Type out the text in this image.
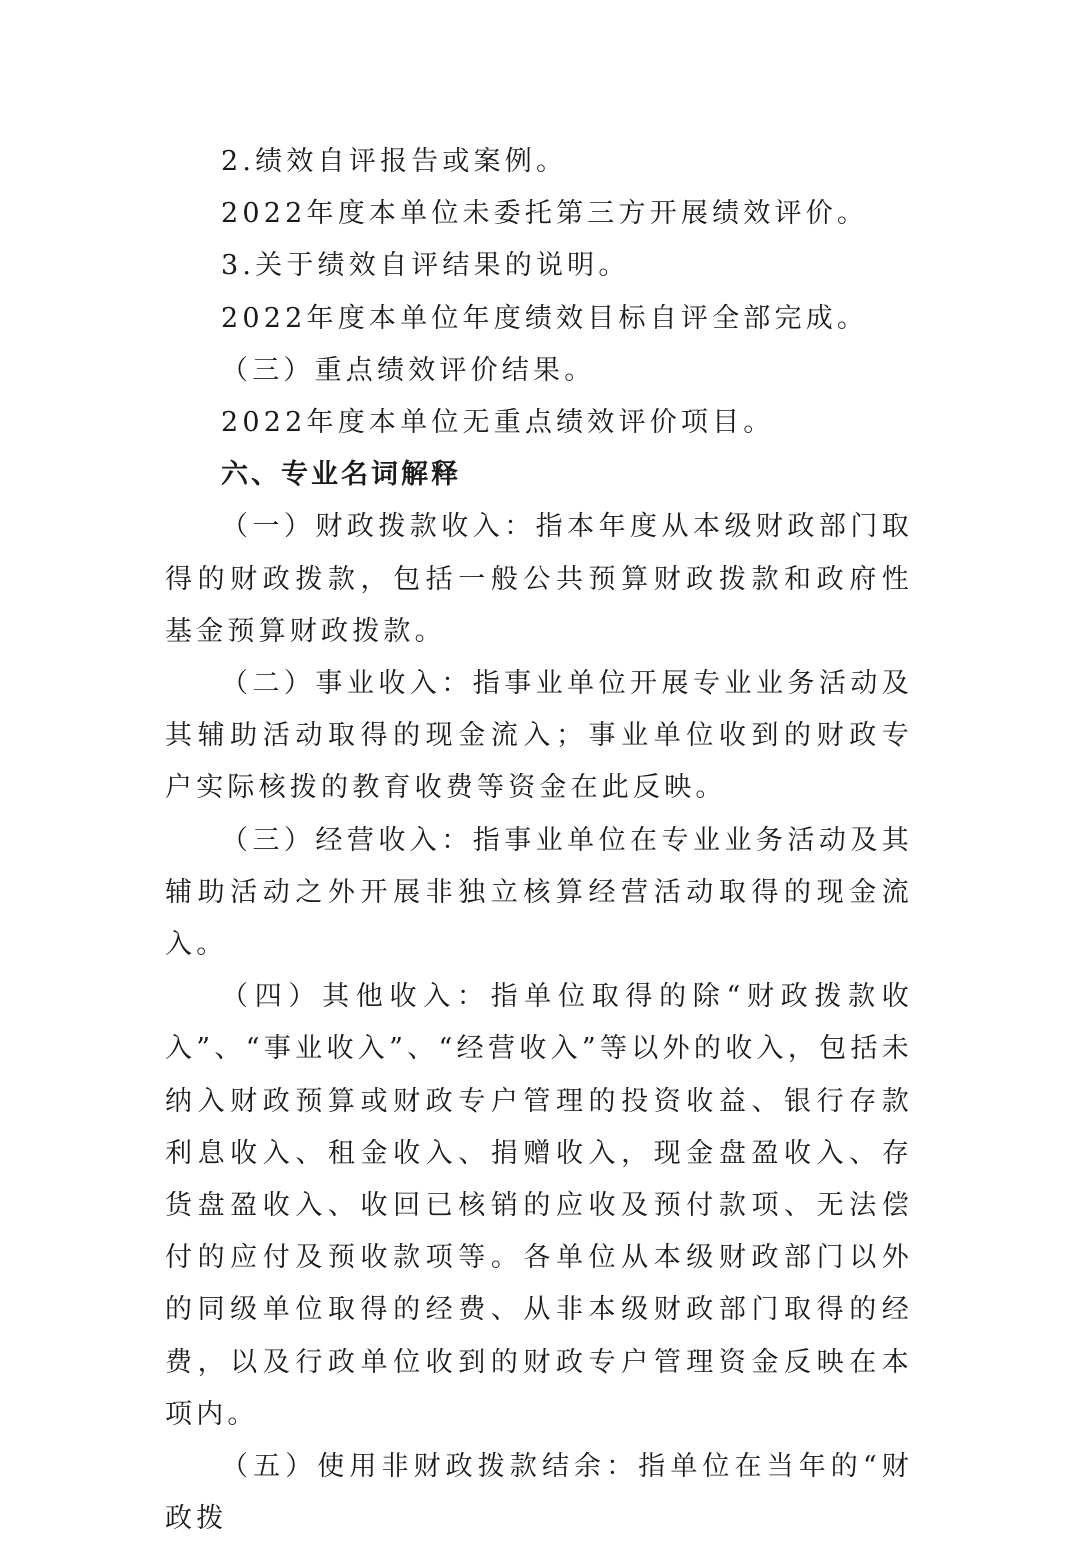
2.绩效自评报告或案例。

2022年度本单位未委托第三方开展绩效评价。

3.关于绩效自评结果的说明。

2022年度本单位年度绩效目标自评全部完成。

（三）重点绩效评价结果。

2022年度本单位无重点绩效评价项目。

六、专业名词解释

（一）财政拨款收入：指本年度从本级财政部门取得的财政拨款，包括一般公共预算财政拨款和政府性基金预算财政拨款。

（二）事业收入：指事业单位开展专业业务活动及其辅助活动取得的现金流入；事业单位收到的财政专户实际核拨的教育收费等资金在此反映。

（三）经营收入：指事业单位在专业业务活动及其辅助活动之外开展非独立核算经营活动取得的现金流入。

（四）其他收入：指单位取得的除“财政拨款收入”、“事业收入”、“经营收入”等以外的收入，包括未纳入财政预算或财政专户管理的投资收益、银行存款利息收入、租金收入、捐赠收入，现金盘盈收入、存货盘盈收入、收回已核销的应收及预付款项、无法偿付的应付及预收款项等。各单位从本级财政部门以外的同级单位取得的经费、从非本级财政部门取得的经费，以及行政单位收到的财政专户管理资金反映在本项内。

（五）使用非财政拨款结余：指单位在当年的“财政拨
